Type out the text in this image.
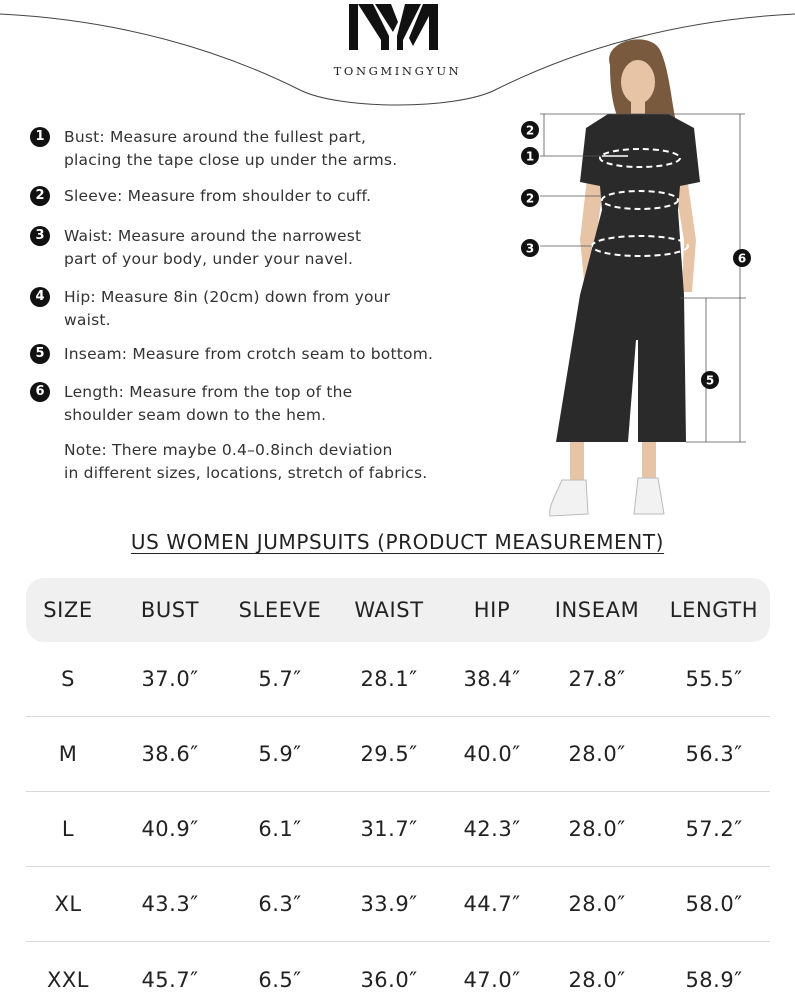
TONGMINGYUN
1	Bust: Measure around the fullest part,
placing the tape close up under the arms.
2	Sleeve: Measure from shoulder to cuff.
3	Waist: Measure around the narrowest
part of your body, under your navel.
4	Hip: Measure 8in (20cm) down from your
waist.
5	Inseam: Measure from crotch seam to bottom.
6	Length: Measure from the top of the
shoulder seam down to the hem.
Note: There maybe 0.4–0.8inch deviation
in different sizes, locations, stretch of fabrics.
2
1
2
3
6
5
US WOMEN JUMPSUITS (PRODUCT MEASUREMENT)
SIZE	BUST	SLEEVE	WAIST	HIP	INSEAM	LENGTH
S	37.0″	5.7″	28.1″	38.4″	27.8″	55.5″
M	38.6″	5.9″	29.5″	40.0″	28.0″	56.3″
L	40.9″	6.1″	31.7″	42.3″	28.0″	57.2″
XL	43.3″	6.3″	33.9″	44.7″	28.0″	58.0″
XXL	45.7″	6.5″	36.0″	47.0″	28.0″	58.9″
